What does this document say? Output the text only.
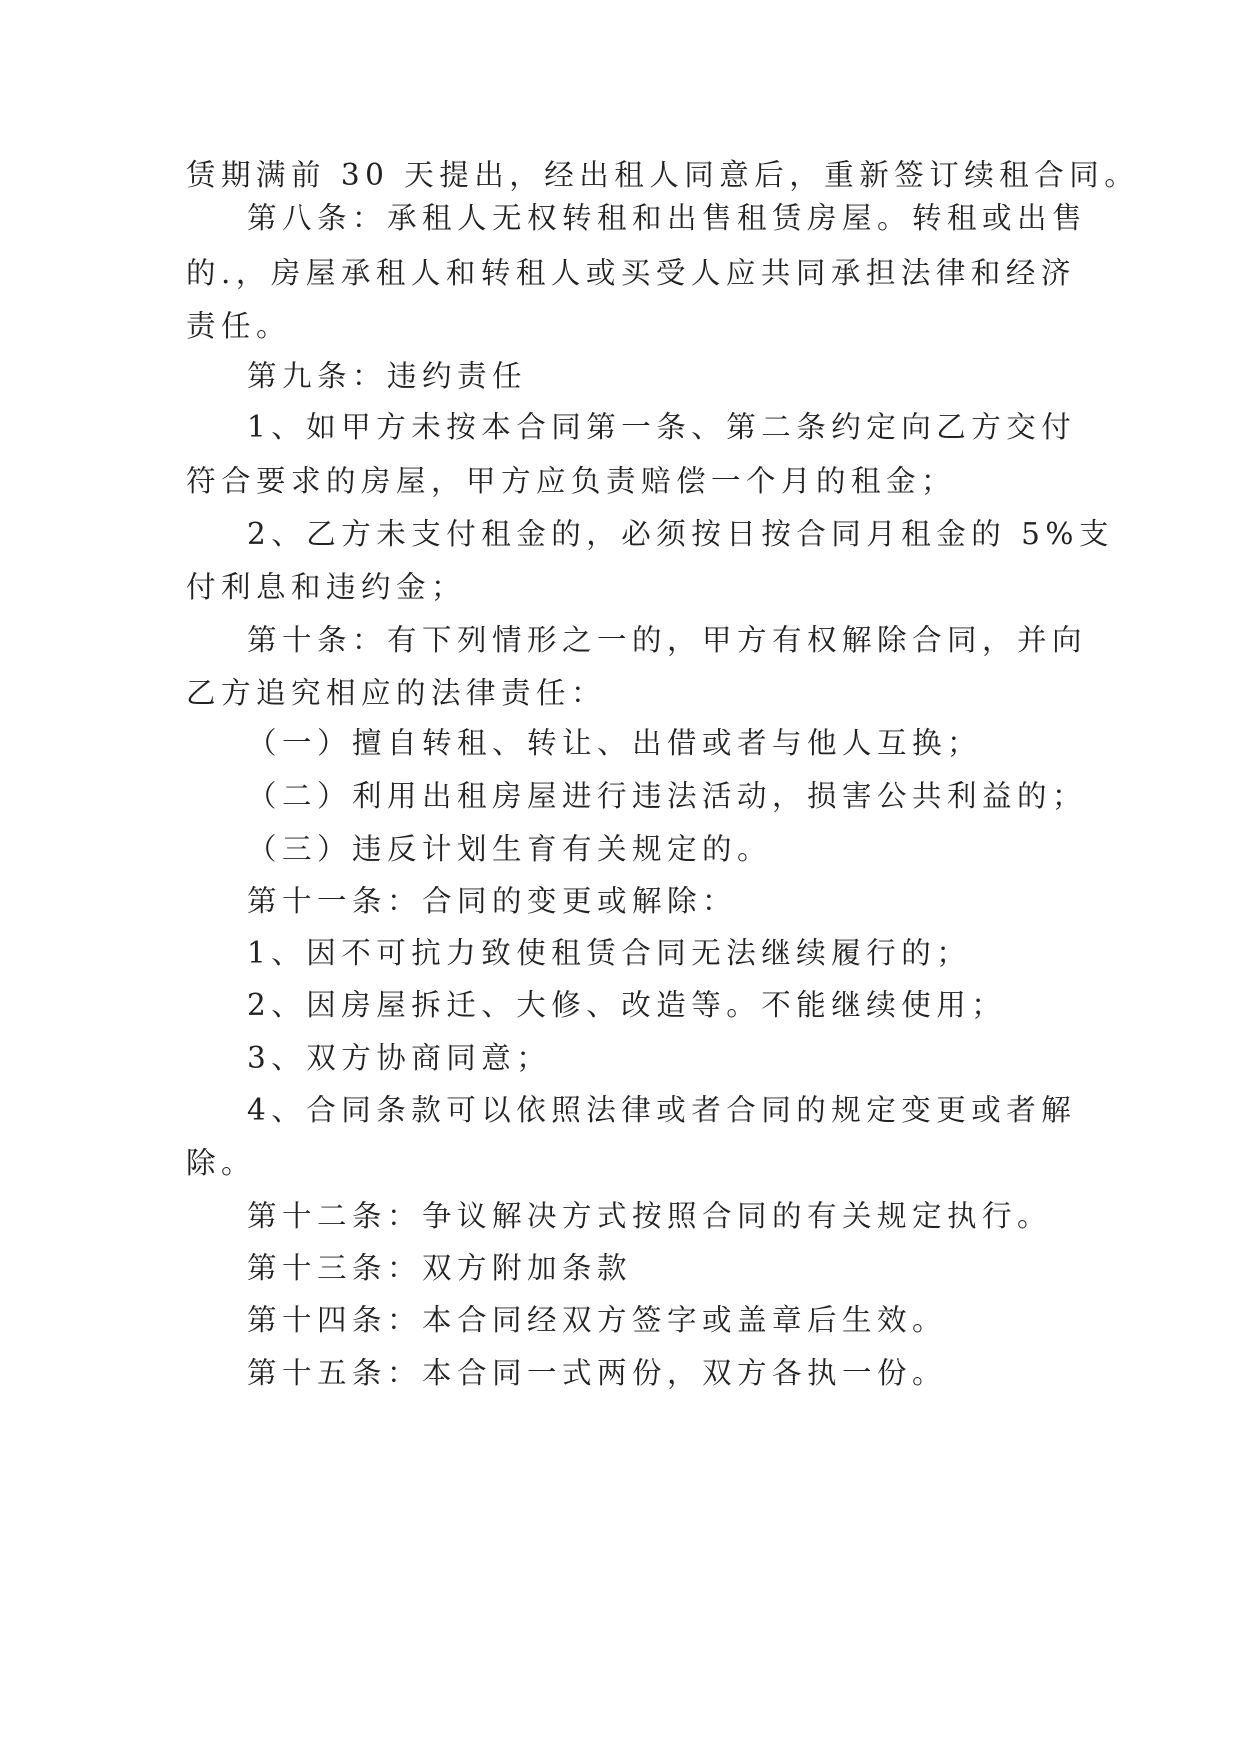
赁期满前 30 天提出，经出租人同意后，重新签订续租合同。
第八条：承租人无权转租和出售租赁房屋。转租或出售
的.，房屋承租人和转租人或买受人应共同承担法律和经济
责任。
第九条：违约责任
1、如甲方未按本合同第一条、第二条约定向乙方交付
符合要求的房屋，甲方应负责赔偿一个月的租金；
2、乙方未支付租金的，必须按日按合同月租金的 5%支
付利息和违约金；
第十条：有下列情形之一的，甲方有权解除合同，并向
乙方追究相应的法律责任：
（一）擅自转租、转让、出借或者与他人互换；
（二）利用出租房屋进行违法活动，损害公共利益的；
（三）违反计划生育有关规定的。
第十一条：合同的变更或解除：
1、因不可抗力致使租赁合同无法继续履行的；
2、因房屋拆迁、大修、改造等。不能继续使用；
3、双方协商同意；
4、合同条款可以依照法律或者合同的规定变更或者解
除。
第十二条：争议解决方式按照合同的有关规定执行。
第十三条：双方附加条款
第十四条：本合同经双方签字或盖章后生效。
第十五条：本合同一式两份，双方各执一份。
